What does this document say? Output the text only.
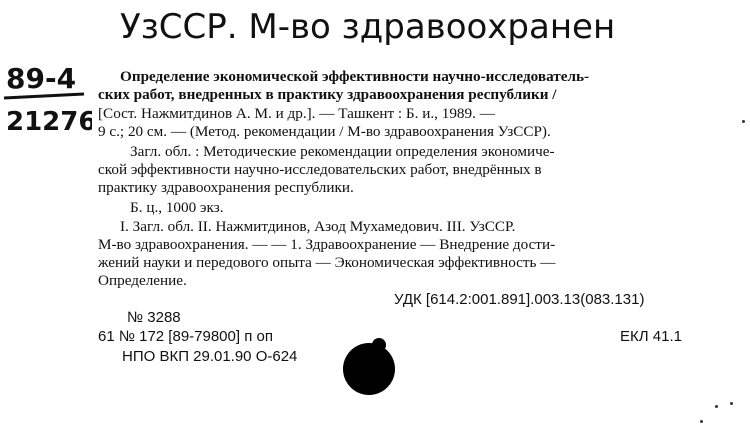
УзССР. М-во здравоохранения.
89-4
21276
Определение экономической эффективности научно-исследователь-
ских работ, внедренных в практику здравоохранения республики /
[Сост. Нажмитдинов А. М. и др.]. — Ташкент : Б. и., 1989. —
9 с.; 20 см. — (Метод. рекомендации / М-во здравоохранения УзССР).
Загл. обл. : Методические рекомендации определения экономиче-
ской эффективности научно-исследовательских работ, внедрённых в
практику здравоохранения республики.
Б. ц., 1000 экз.
I. Загл. обл. II. Нажмитдинов, Азод Мухамедович. III. УзССР.
М-во здравоохранения. — — 1. Здравоохранение — Внедрение дости-
жений науки и передового опыта — Экономическая эффективность —
Определение.
УДК [614.2:001.891].003.13(083.131)
№ 3288
61 № 172 [89-79800] п оп	ЕКЛ 41.1
НПО ВКП 29.01.90 О-624
